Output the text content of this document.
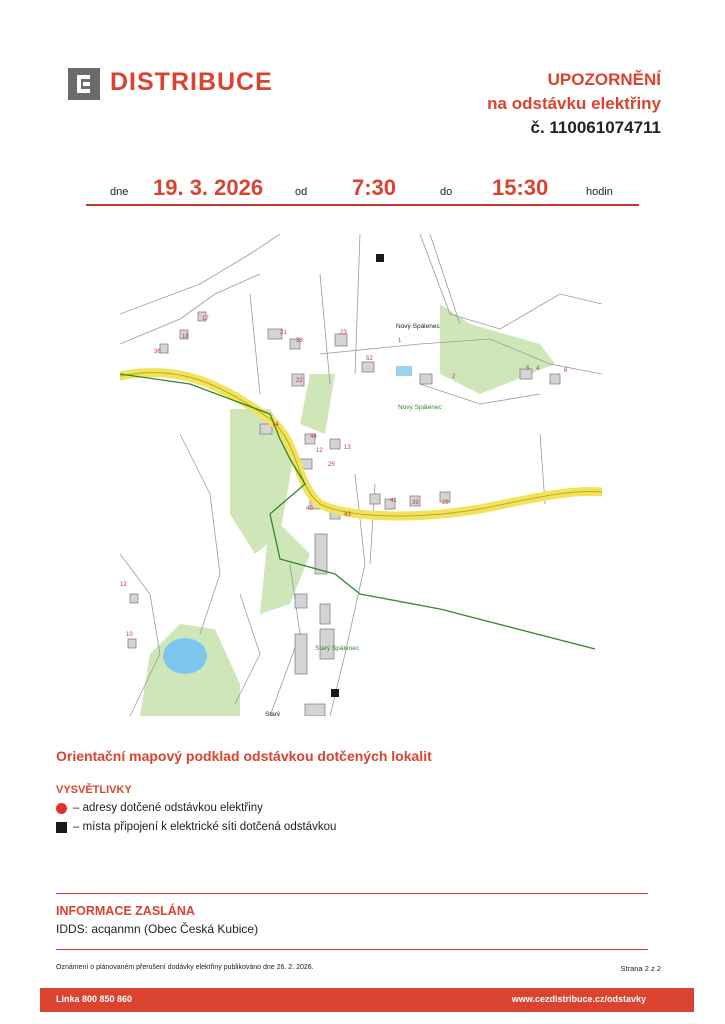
DISTRIBUCE	UPOZORNĚNÍ
na odstávku elektřiny
č. 110061074711
dne 19. 3. 2026	od 7:30	do 15:30	hodin
Nový Spálenec
Nový Spálenec
Starý Spálenec
Starý
17
18
36
21
38
23
1
52
22
2
5 4	6
14
44
13
12
25
40
43
41	39	28
12
10
Orientační mapový podklad odstávkou dotčených lokalit
VYSVĚTLIVKY
– adresy dotčené odstávkou elektřiny
– místa připojení k elektrické síti dotčená odstávkou
INFORMACE ZASLÁNA
IDDS: acqanmn (Obec Česká Kubice)
Oznámení o plánovaném přerušení dodávky elektřiny publikováno dne 26. 2. 2026.	Strana 2 z 2
Linka 800 850 860	www.cezdistribuce.cz/odstavky
